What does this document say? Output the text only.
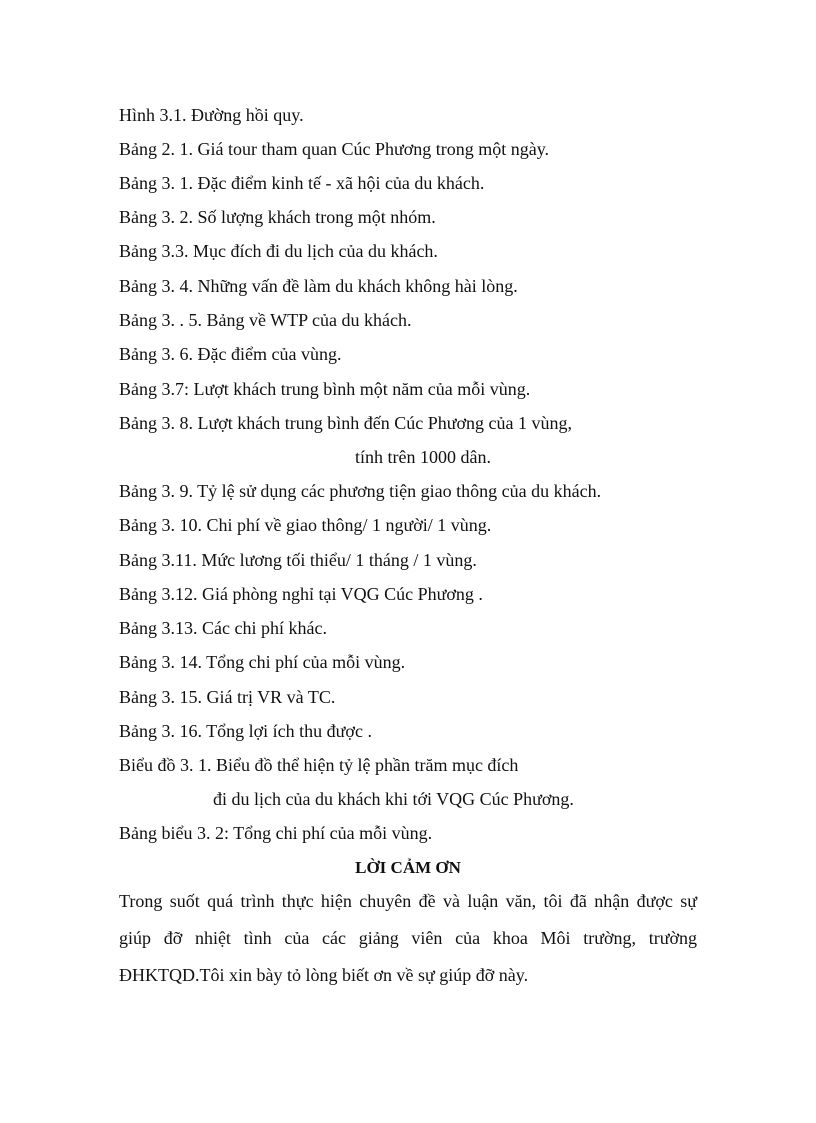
Hình 3.1. Đường hồi quy.
Bảng 2. 1. Giá tour tham quan Cúc Phương trong một ngày.
Bảng 3. 1. Đặc điểm kinh tế - xã hội của du khách.
Bảng 3. 2. Số lượng khách trong một nhóm.
Bảng 3.3. Mục đích đi du lịch của du khách.
Bảng 3. 4. Những vấn đề làm du khách không hài lòng.
Bảng 3. . 5. Bảng về WTP của du khách.
Bảng 3. 6. Đặc điểm của vùng.
Bảng 3.7: Lượt khách trung bình một năm của mỗi vùng.
Bảng 3. 8. Lượt khách trung bình đến Cúc Phương của 1 vùng,
tính trên 1000 dân.
Bảng 3. 9. Tỷ lệ sử dụng các phương tiện giao thông của du khách.
Bảng 3. 10. Chi phí về giao thông/ 1 người/ 1 vùng.
Bảng 3.11. Mức lương tối thiểu/ 1 tháng / 1 vùng.
Bảng 3.12. Giá phòng nghỉ tại VQG Cúc Phương .
Bảng 3.13. Các chi phí khác.
Bảng 3. 14. Tổng chi phí của mỗi vùng.
Bảng 3. 15. Giá trị VR và TC.
Bảng 3. 16. Tổng lợi ích thu được .
Biểu đồ 3. 1. Biểu đồ thể hiện tỷ lệ phần trăm mục đích
đi du lịch của du khách khi tới VQG Cúc Phương.
Bảng biểu 3. 2: Tổng chi phí của mỗi vùng.
LỜI CẢM ƠN
Trong suốt quá trình thực hiện chuyên đề và luận văn, tôi đã nhận được sự
giúp đỡ nhiệt tình của các giảng viên của khoa Môi trường, trường
ĐHKTQD.Tôi xin bày tỏ lòng biết ơn về sự giúp đỡ này.
